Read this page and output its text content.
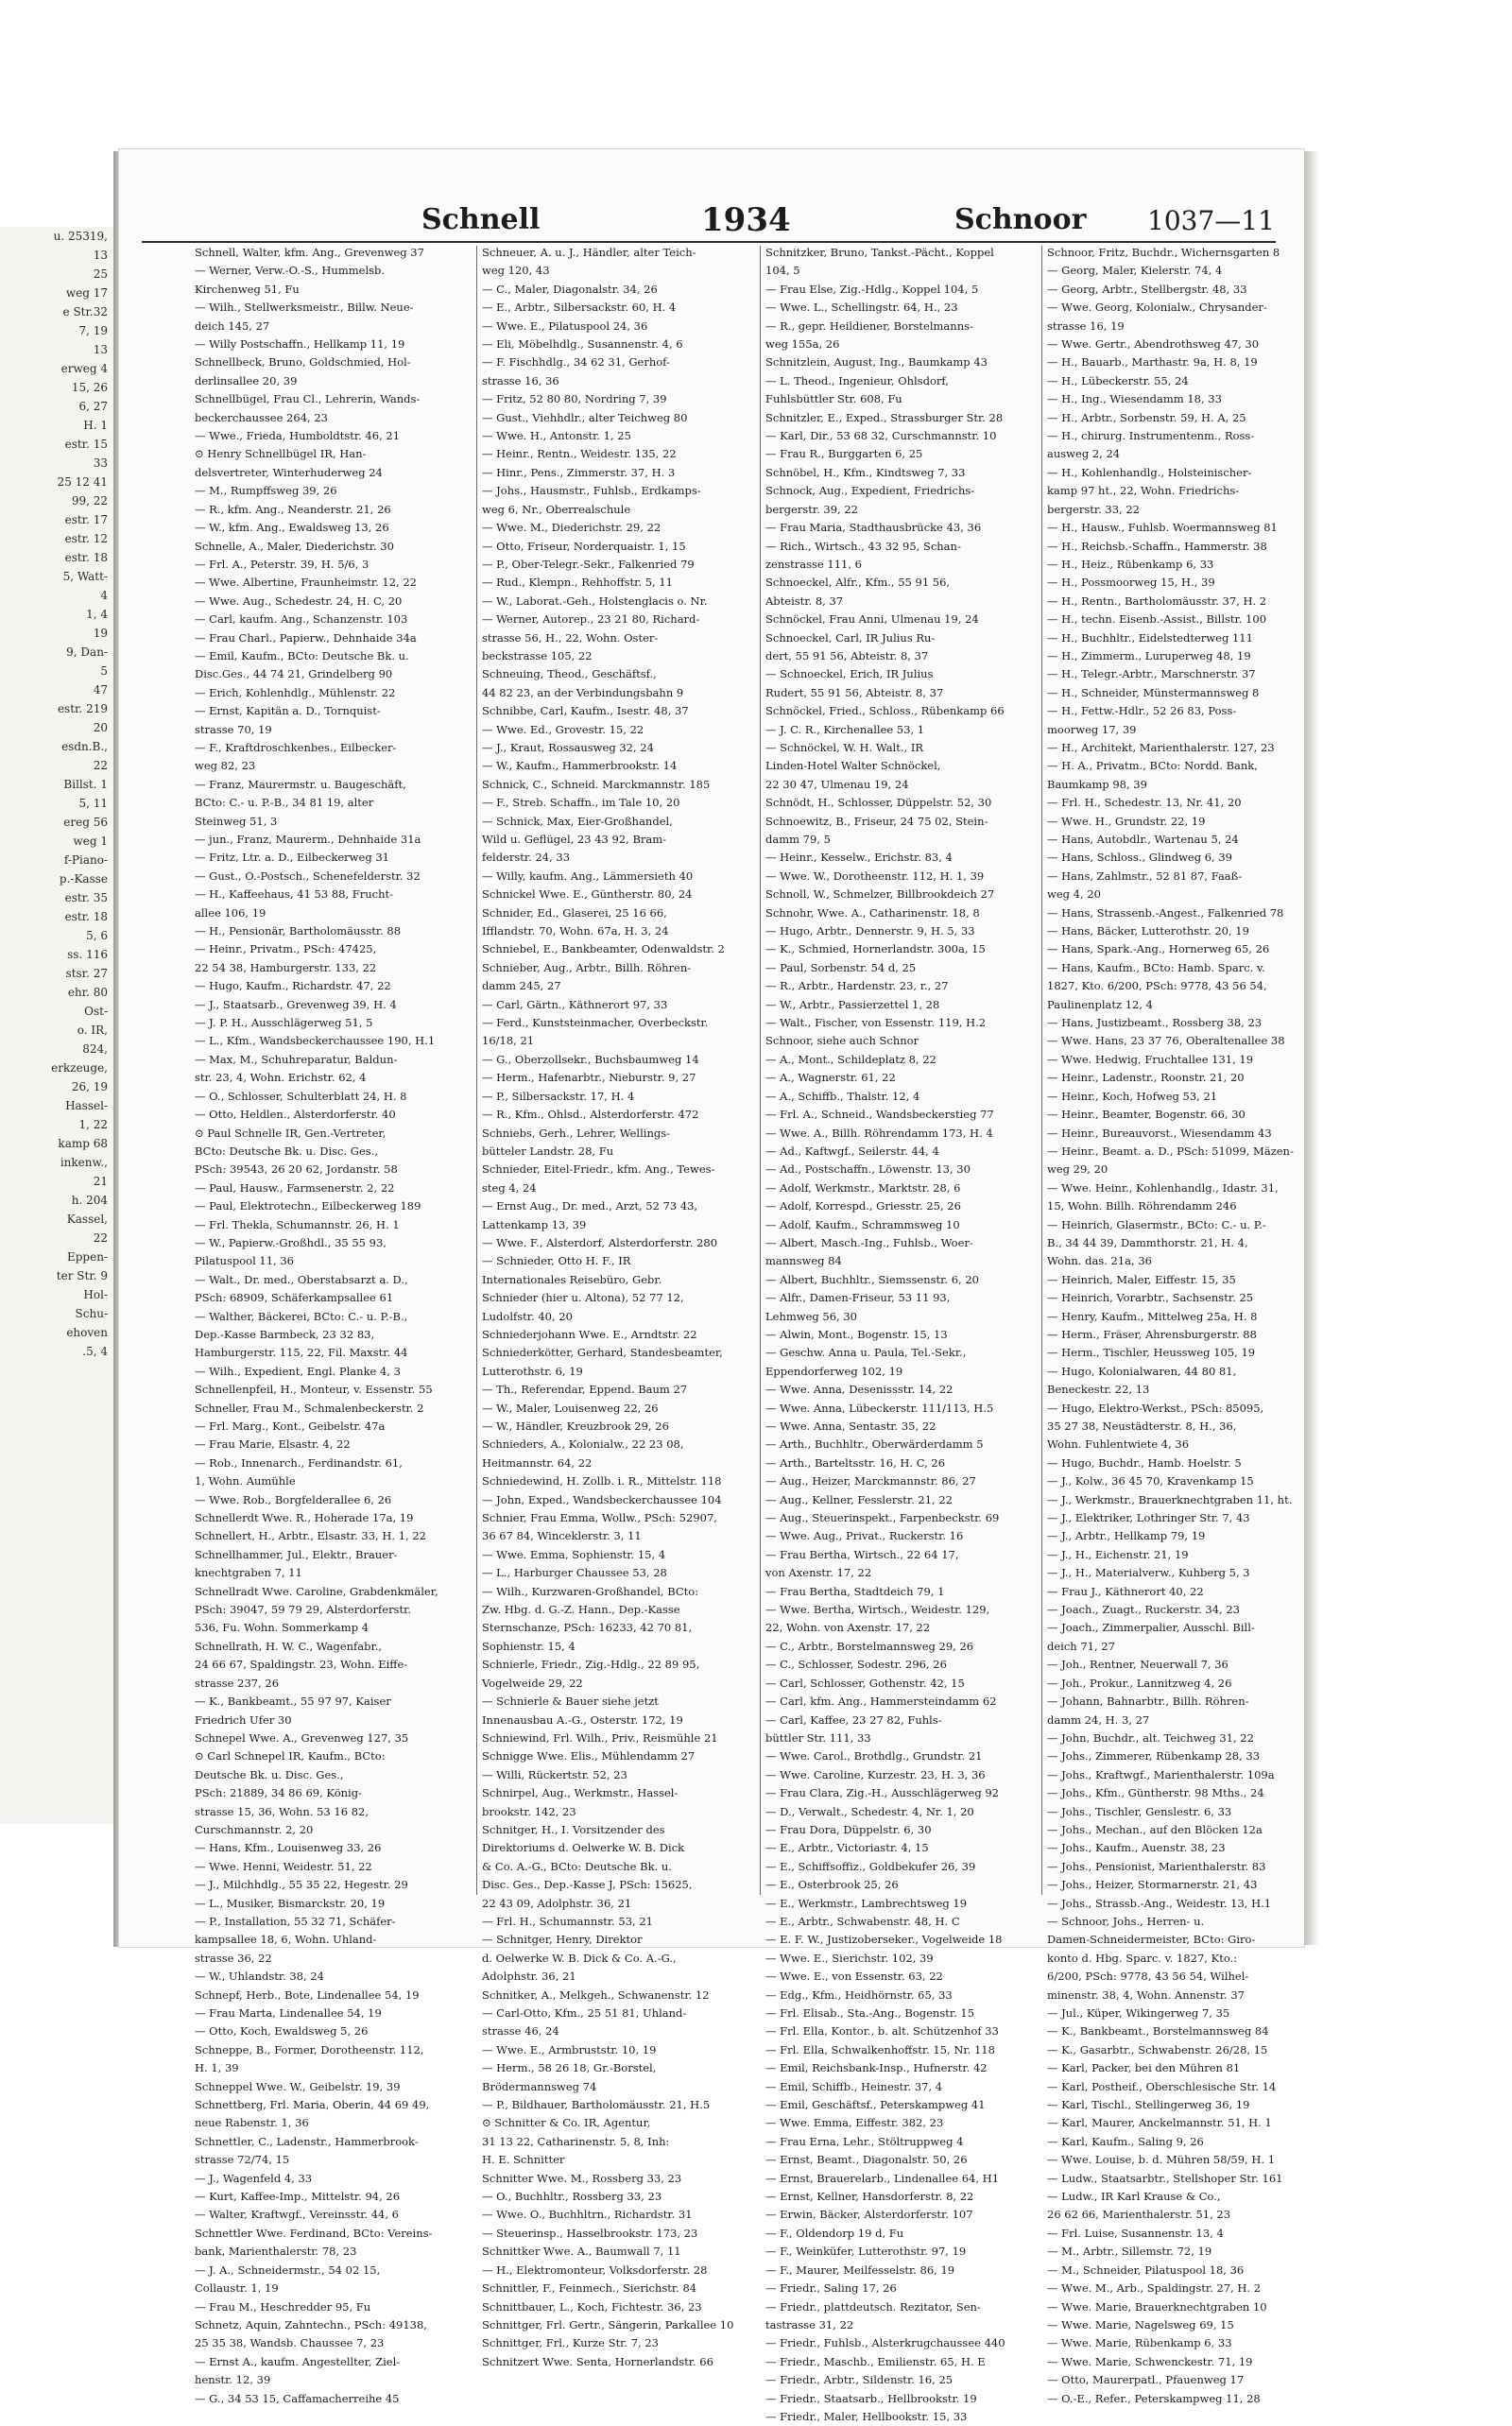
u. 25319,
13
25
weg 17
e Str.32
7, 19
13
erweg 4
15, 26
6, 27
H. 1
estr. 15
33
25 12 41
99, 22
estr. 17
estr. 12
estr. 18
5, Watt-
4
1, 4
19
9, Dan-
5
47
estr. 219
20
esdn.B.,
22
Billst. 1
5, 11
ereg 56
weg 1
f-Piano-
p.-Kasse
estr. 35
estr. 18
5, 6
ss. 116
stsr. 27
ehr. 80
Ost-
o. IR,
824,
erkzeuge,
26, 19
Hassel-
1, 22
kamp 68
inkenw.,
21
h. 204
Kassel,
22
Eppen-
ter Str. 9
Hol-
Schu-
ehoven
.5, 4
Schnell	1934	Schnoor 1037—11
Schnell, Walter, kfm. Ang., Grevenweg 37
— Werner, Verw.-O.-S., Hummelsb.
Kirchenweg 51, Fu
— Wilh., Stellwerksmeistr., Billw. Neue-
deich 145, 27
— Willy Postschaffn., Hellkamp 11, 19
Schnellbeck, Bruno, Goldschmied, Hol-
derlinsallee 20, 39
Schnellbügel, Frau Cl., Lehrerin, Wands-
beckerchaussee 264, 23
— Wwe., Frieda, Humboldtstr. 46, 21
⊙ Henry Schnellbügel IR, Han-
delsvertreter, Winterhuderweg 24
— M., Rumpffsweg 39, 26
— R., kfm. Ang., Neanderstr. 21, 26
— W., kfm. Ang., Ewaldsweg 13, 26
Schnelle, A., Maler, Diederichstr. 30
— Frl. A., Peterstr. 39, H. 5/6, 3
— Wwe. Albertine, Fraunheimstr. 12, 22
— Wwe. Aug., Schedestr. 24, H. C, 20
— Carl, kaufm. Ang., Schanzenstr. 103
— Frau Charl., Papierw., Dehnhaide 34a
— Emil, Kaufm., BCto: Deutsche Bk. u.
Disc.Ges., 44 74 21, Grindelberg 90
— Erich, Kohlenhdlg., Mühlenstr. 22
— Ernst, Kapitän a. D., Tornquist-
strasse 70, 19
— F., Kraftdroschkenbes., Eilbecker-
weg 82, 23
— Franz, Maurermstr. u. Baugeschäft,
BCto: C.- u. P.-B., 34 81 19, alter
Steinweg 51, 3
— jun., Franz, Maurerm., Dehnhaide 31a
— Fritz, Ltr. a. D., Eilbeckerweg 31
— Gust., O.-Postsch., Schenefelderstr. 32
— H., Kaffeehaus, 41 53 88, Frucht-
allee 106, 19
— H., Pensionär, Bartholomäusstr. 88
— Heinr., Privatm., PSch: 47425,
22 54 38, Hamburgerstr. 133, 22
— Hugo, Kaufm., Richardstr. 47, 22
— J., Staatsarb., Grevenweg 39, H. 4
— J. P. H., Ausschlägerweg 51, 5
— L., Kfm., Wandsbeckerchaussee 190, H.1
— Max, M., Schuhreparatur, Baldun-
str. 23, 4, Wohn. Erichstr. 62, 4
— O., Schlosser, Schulterblatt 24, H. 8
— Otto, Heldlen., Alsterdorferstr. 40
⊙ Paul Schnelle IR, Gen.-Vertreter,
BCto: Deutsche Bk. u. Disc. Ges.,
PSch: 39543, 26 20 62, Jordanstr. 58
— Paul, Hausw., Farmsenerstr. 2, 22
— Paul, Elektrotechn., Eilbeckerweg 189
— Frl. Thekla, Schumannstr. 26, H. 1
— W., Papierw.-Großhdl., 35 55 93,
Pilatuspool 11, 36
— Walt., Dr. med., Oberstabsarzt a. D.,
PSch: 68909, Schäferkampsallee 61
— Walther, Bäckerei, BCto: C.- u. P.-B.,
Dep.-Kasse Barmbeck, 23 32 83,
Hamburgerstr. 115, 22, Fil. Maxstr. 44
— Wilh., Expedient, Engl. Planke 4, 3
Schnellenpfeil, H., Monteur, v. Essenstr. 55
Schneller, Frau M., Schmalenbeckerstr. 2
— Frl. Marg., Kont., Geibelstr. 47a
— Frau Marie, Elsastr. 4, 22
— Rob., Innenarch., Ferdinandstr. 61,
1, Wohn. Aumühle
— Wwe. Rob., Borgfelderallee 6, 26
Schnellerdt Wwe. R., Hoherade 17a, 19
Schnellert, H., Arbtr., Elsastr. 33, H. 1, 22
Schnellhammer, Jul., Elektr., Brauer-
knechtgraben 7, 11
Schnellradt Wwe. Caroline, Grabdenkmäler,
PSch: 39047, 59 79 29, Alsterdorferstr.
536, Fu. Wohn. Sommerkamp 4
Schnellrath, H. W. C., Wagenfabr.,
24 66 67, Spaldingstr. 23, Wohn. Eiffe-
strasse 237, 26
— K., Bankbeamt., 55 97 97, Kaiser
Friedrich Ufer 30
Schnepel Wwe. A., Grevenweg 127, 35
⊙ Carl Schnepel IR, Kaufm., BCto:
Deutsche Bk. u. Disc. Ges.,
PSch: 21889, 34 86 69, König-
strasse 15, 36, Wohn. 53 16 82,
Curschmannstr. 2, 20
— Hans, Kfm., Louisenweg 33, 26
— Wwe. Henni, Weidestr. 51, 22
— J., Milchhdlg., 55 35 22, Hegestr. 29
— L., Musiker, Bismarckstr. 20, 19
— P., Installation, 55 32 71, Schäfer-
kampsallee 18, 6, Wohn. Uhland-
strasse 36, 22
— W., Uhlandstr. 38, 24
Schnepf, Herb., Bote, Lindenallee 54, 19
— Frau Marta, Lindenallee 54, 19
— Otto, Koch, Ewaldsweg 5, 26
Schneppe, B., Former, Dorotheenstr. 112,
H. 1, 39
Schneppel Wwe. W., Geibelstr. 19, 39
Schnettberg, Frl. Maria, Oberin, 44 69 49,
neue Rabenstr. 1, 36
Schnettler, C., Ladenstr., Hammerbrook-
strasse 72/74, 15
— J., Wagenfeld 4, 33
— Kurt, Kaffee-Imp., Mittelstr. 94, 26
— Walter, Kraftwgf., Vereinsstr. 44, 6
Schnettler Wwe. Ferdinand, BCto: Vereins-
bank, Marienthalerstr. 78, 23
— J. A., Schneidermstr., 54 02 15,
Collaustr. 1, 19
— Frau M., Heschredder 95, Fu
Schnetz, Aquin, Zahntechn., PSch: 49138,
25 35 38, Wandsb. Chaussee 7, 23
— Ernst A., kaufm. Angestellter, Ziel-
henstr. 12, 39
— G., 34 53 15, Caffamacherreihe 45
Schneuer, A. u. J., Händler, alter Teich-
weg 120, 43
— C., Maler, Diagonalstr. 34, 26
— E., Arbtr., Silbersackstr. 60, H. 4
— Wwe. E., Pilatuspool 24, 36
— Eli, Möbelhdlg., Susannenstr. 4, 6
— F. Fischhdlg., 34 62 31, Gerhof-
strasse 16, 36
— Fritz, 52 80 80, Nordring 7, 39
— Gust., Viehhdlr., alter Teichweg 80
— Wwe. H., Antonstr. 1, 25
— Heinr., Rentn., Weidestr. 135, 22
— Hinr., Pens., Zimmerstr. 37, H. 3
— Johs., Hausmstr., Fuhlsb., Erdkamps-
weg 6, Nr., Oberrealschule
— Wwe. M., Diederichstr. 29, 22
— Otto, Friseur, Norderquaistr. 1, 15
— P., Ober-Telegr.-Sekr., Falkenried 79
— Rud., Klempn., Rehhoffstr. 5, 11
— W., Laborat.-Geh., Holstenglacis o. Nr.
— Werner, Autorep., 23 21 80, Richard-
strasse 56, H., 22, Wohn. Oster-
beckstrasse 105, 22
Schneuing, Theod., Geschäftsf.,
44 82 23, an der Verbindungsbahn 9
Schnibbe, Carl, Kaufm., Isestr. 48, 37
— Wwe. Ed., Grovestr. 15, 22
— J., Kraut, Rossausweg 32, 24
— W., Kaufm., Hammerbrookstr. 14
Schnick, C., Schneid. Marckmannstr. 185
— F., Streb. Schaffn., im Tale 10, 20
— Schnick, Max, Eier-Großhandel,
Wild u. Geflügel, 23 43 92, Bram-
felderstr. 24, 33
— Willy, kaufm. Ang., Lämmersieth 40
Schnickel Wwe. E., Güntherstr. 80, 24
Schnider, Ed., Glaserei, 25 16 66,
Ifflandstr. 70, Wohn. 67a, H. 3, 24
Schniebel, E., Bankbeamter, Odenwaldstr. 2
Schnieber, Aug., Arbtr., Billh. Röhren-
damm 245, 27
— Carl, Gärtn., Käthnerort 97, 33
— Ferd., Kunststeinmacher, Overbeckstr.
16/18, 21
— G., Oberzollsekr., Buchsbaumweg 14
— Herm., Hafenarbtr., Nieburstr. 9, 27
— P., Silbersackstr. 17, H. 4
— R., Kfm., Ohlsd., Alsterdorferstr. 472
Schniebs, Gerh., Lehrer, Wellings-
bütteler Landstr. 28, Fu
Schnieder, Eitel-Friedr., kfm. Ang., Tewes-
steg 4, 24
— Ernst Aug., Dr. med., Arzt, 52 73 43,
Lattenkamp 13, 39
— Wwe. F., Alsterdorf, Alsterdorferstr. 280
— Schnieder, Otto H. F., IR
Internationales Reisebüro, Gebr.
Schnieder (hier u. Altona), 52 77 12,
Ludolfstr. 40, 20
Schniederjohann Wwe. E., Arndtstr. 22
Schniederkötter, Gerhard, Standesbeamter,
Lutterothstr. 6, 19
— Th., Referendar, Eppend. Baum 27
— W., Maler, Louisenweg 22, 26
— W., Händler, Kreuzbrook 29, 26
Schnieders, A., Kolonialw., 22 23 08,
Heitmannstr. 64, 22
Schniedewind, H. Zollb. i. R., Mittelstr. 118
— John, Exped., Wandsbeckerchaussee 104
Schnier, Frau Emma, Wollw., PSch: 52907,
36 67 84, Winceklerstr. 3, 11
— Wwe. Emma, Sophienstr. 15, 4
— L., Harburger Chaussee 53, 28
— Wilh., Kurzwaren-Großhandel, BCto:
Zw. Hbg. d. G.-Z. Hann., Dep.-Kasse
Sternschanze, PSch: 16233, 42 70 81,
Sophienstr. 15, 4
Schnierle, Friedr., Zig.-Hdlg., 22 89 95,
Vogelweide 29, 22
— Schnierle & Bauer siehe jetzt
Innenausbau A.-G., Osterstr. 172, 19
Schniewind, Frl. Wilh., Priv., Reismühle 21
Schnigge Wwe. Elis., Mühlendamm 27
— Willi, Rückertstr. 52, 23
Schnirpel, Aug., Werkmstr., Hassel-
brookstr. 142, 23
Schnitger, H., I. Vorsitzender des
Direktoriums d. Oelwerke W. B. Dick
& Co. A.-G., BCto: Deutsche Bk. u.
Disc. Ges., Dep.-Kasse J, PSch: 15625,
22 43 09, Adolphstr. 36, 21
— Frl. H., Schumannstr. 53, 21
— Schnitger, Henry, Direktor
d. Oelwerke W. B. Dick & Co. A.-G.,
Adolphstr. 36, 21
Schnitker, A., Melkgeh., Schwanenstr. 12
— Carl-Otto, Kfm., 25 51 81, Uhland-
strasse 46, 24
— Wwe. E., Armbruststr. 10, 19
— Herm., 58 26 18, Gr.-Borstel,
Brödermannsweg 74
— P., Bildhauer, Bartholomäusstr. 21, H.5
⊙ Schnitter & Co. IR, Agentur,
31 13 22, Catharinenstr. 5, 8, Inh:
H. E. Schnitter
Schnitter Wwe. M., Rossberg 33, 23
— O., Buchhltr., Rossberg 33, 23
— Wwe. O., Buchhltrn., Richardstr. 31
— Steuerinsp., Hasselbrookstr. 173, 23
Schnittker Wwe. A., Baumwall 7, 11
— H., Elektromonteur, Volksdorferstr. 28
Schnittler, F., Feinmech., Sierichstr. 84
Schnittbauer, L., Koch, Fichtestr. 36, 23
Schnittger, Frl. Gertr., Sängerin, Parkallee 10
Schnittger, Frl., Kurze Str. 7, 23
Schnitzert Wwe. Senta, Hornerlandstr. 66
Schnitzker, Bruno, Tankst.-Pächt., Koppel
104, 5
— Frau Else, Zig.-Hdlg., Koppel 104, 5
— Wwe. L., Schellingstr. 64, H., 23
— R., gepr. Heildiener, Borstelmanns-
weg 155a, 26
Schnitzlein, August, Ing., Baumkamp 43
— L. Theod., Ingenieur, Ohlsdorf,
Fuhlsbüttler Str. 608, Fu
Schnitzler, E., Exped., Strassburger Str. 28
— Karl, Dir., 53 68 32, Curschmannstr. 10
— Frau R., Burggarten 6, 25
Schnöbel, H., Kfm., Kindtsweg 7, 33
Schnock, Aug., Expedient, Friedrichs-
bergerstr. 39, 22
— Frau Maria, Stadthausbrücke 43, 36
— Rich., Wirtsch., 43 32 95, Schan-
zenstrasse 111, 6
Schnoeckel, Alfr., Kfm., 55 91 56,
Abteistr. 8, 37
Schnöckel, Frau Anni, Ulmenau 19, 24
Schnoeckel, Carl, IR Julius Ru-
dert, 55 91 56, Abteistr. 8, 37
— Schnoeckel, Erich, IR Julius
Rudert, 55 91 56, Abteistr. 8, 37
Schnöckel, Fried., Schloss., Rübenkamp 66
— J. C. R., Kirchenallee 53, 1
— Schnöckel, W. H. Walt., IR
Linden-Hotel Walter Schnöckel,
22 30 47, Ulmenau 19, 24
Schnödt, H., Schlosser, Düppelstr. 52, 30
Schnoewitz, B., Friseur, 24 75 02, Stein-
damm 79, 5
— Heinr., Kesselw., Erichstr. 83, 4
— Wwe. W., Dorotheenstr. 112, H. 1, 39
Schnoll, W., Schmelzer, Billbrookdeich 27
Schnohr, Wwe. A., Catharinenstr. 18, 8
— Hugo, Arbtr., Dennerstr. 9, H. 5, 33
— K., Schmied, Hornerlandstr. 300a, 15
— Paul, Sorbenstr. 54 d, 25
— R., Arbtr., Hardenstr. 23, r., 27
— W., Arbtr., Passierzettel 1, 28
— Walt., Fischer, von Essenstr. 119, H.2
Schnoor, siehe auch Schnor
— A., Mont., Schildeplatz 8, 22
— A., Wagnerstr. 61, 22
— A., Schiffb., Thalstr. 12, 4
— Frl. A., Schneid., Wandsbeckerstieg 77
— Wwe. A., Billh. Röhrendamm 173, H. 4
— Ad., Kaftwgf., Seilerstr. 44, 4
— Ad., Postschaffn., Löwenstr. 13, 30
— Adolf, Werkmstr., Marktstr. 28, 6
— Adolf, Korrespd., Griesstr. 25, 26
— Adolf, Kaufm., Schrammsweg 10
— Albert, Masch.-Ing., Fuhlsb., Woer-
mannsweg 84
— Albert, Buchhltr., Siemssenstr. 6, 20
— Alfr., Damen-Friseur, 53 11 93,
Lehmweg 56, 30
— Alwin, Mont., Bogenstr. 15, 13
— Geschw. Anna u. Paula, Tel.-Sekr.,
Eppendorferweg 102, 19
— Wwe. Anna, Desenissstr. 14, 22
— Wwe. Anna, Lübeckerstr. 111/113, H.5
— Wwe. Anna, Sentastr. 35, 22
— Arth., Buchhltr., Oberwärderdamm 5
— Arth., Barteltsstr. 16, H. C, 26
— Aug., Heizer, Marckmannstr. 86, 27
— Aug., Kellner, Fesslerstr. 21, 22
— Aug., Steuerinspekt., Farpenbeckstr. 69
— Wwe. Aug., Privat., Ruckerstr. 16
— Frau Bertha, Wirtsch., 22 64 17,
von Axenstr. 17, 22
— Frau Bertha, Stadtdeich 79, 1
— Wwe. Bertha, Wirtsch., Weidestr. 129,
22, Wohn. von Axenstr. 17, 22
— C., Arbtr., Borstelmannsweg 29, 26
— C., Schlosser, Sodestr. 296, 26
— Carl, Schlosser, Gothenstr. 42, 15
— Carl, kfm. Ang., Hammersteindamm 62
— Carl, Kaffee, 23 27 82, Fuhls-
büttler Str. 111, 33
— Wwe. Carol., Brothdlg., Grundstr. 21
— Wwe. Caroline, Kurzestr. 23, H. 3, 36
— Frau Clara, Zig.-H., Ausschlägerweg 92
— D., Verwalt., Schedestr. 4, Nr. 1, 20
— Frau Dora, Düppelstr. 6, 30
— E., Arbtr., Victoriastr. 4, 15
— E., Schiffsoffiz., Goldbekufer 26, 39
— E., Osterbrook 25, 26
— E., Werkmstr., Lambrechtsweg 19
— E., Arbtr., Schwabenstr. 48, H. C
— E. F. W., Justizoberseker., Vogelweide 18
— Wwe. E., Sierichstr. 102, 39
— Wwe. E., von Essenstr. 63, 22
— Edg., Kfm., Heidhörnstr. 65, 33
— Frl. Elisab., Sta.-Ang., Bogenstr. 15
— Frl. Ella, Kontor., b. alt. Schützenhof 33
— Frl. Ella, Schwalkenhoffstr. 15, Nr. 118
— Emil, Reichsbank-Insp., Hufnerstr. 42
— Emil, Schiffb., Heinestr. 37, 4
— Emil, Geschäftsf., Peterskampweg 41
— Wwe. Emma, Eiffestr. 382, 23
— Frau Erna, Lehr., Stöltruppweg 4
— Ernst, Beamt., Diagonalstr. 50, 26
— Ernst, Brauerelarb., Lindenallee 64, H1
— Ernst, Kellner, Hansdorferstr. 8, 22
— Erwin, Bäcker, Alsterdorferstr. 107
— F., Oldendorp 19 d, Fu
— F., Weinküfer, Lutterothstr. 97, 19
— F., Maurer, Meilfesselstr. 86, 19
— Friedr., Saling 17, 26
— Friedr., plattdeutsch. Rezitator, Sen-
tastrasse 31, 22
— Friedr., Fuhlsb., Alsterkrugchaussee 440
— Friedr., Maschb., Emilienstr. 65, H. E
— Friedr., Arbtr., Sildenstr. 16, 25
— Friedr., Staatsarb., Hellbrookstr. 19
— Friedr., Maler, Hellbookstr. 15, 33
Schnoor, Fritz, Buchdr., Wichernsgarten 8
— Georg, Maler, Kielerstr. 74, 4
— Georg, Arbtr., Stellbergstr. 48, 33
— Wwe. Georg, Kolonialw., Chrysander-
strasse 16, 19
— Wwe. Gertr., Abendrothsweg 47, 30
— H., Bauarb., Marthastr. 9a, H. 8, 19
— H., Lübeckerstr. 55, 24
— H., Ing., Wiesendamm 18, 33
— H., Arbtr., Sorbenstr. 59, H. A, 25
— H., chirurg. Instrumentenm., Ross-
ausweg 2, 24
— H., Kohlenhandlg., Holsteinischer-
kamp 97 ht., 22, Wohn. Friedrichs-
bergerstr. 33, 22
— H., Hausw., Fuhlsb. Woermannsweg 81
— H., Reichsb.-Schaffn., Hammerstr. 38
— H., Heiz., Rübenkamp 6, 33
— H., Possmoorweg 15, H., 39
— H., Rentn., Bartholomäusstr. 37, H. 2
— H., techn. Eisenb.-Assist., Billstr. 100
— H., Buchhltr., Eidelstedterweg 111
— H., Zimmerm., Luruperweg 48, 19
— H., Telegr.-Arbtr., Marschnerstr. 37
— H., Schneider, Münstermannsweg 8
— H., Fettw.-Hdlr., 52 26 83, Poss-
moorweg 17, 39
— H., Architekt, Marienthalerstr. 127, 23
— H. A., Privatm., BCto: Nordd. Bank,
Baumkamp 98, 39
— Frl. H., Schedestr. 13, Nr. 41, 20
— Wwe. H., Grundstr. 22, 19
— Hans, Autobdlr., Wartenau 5, 24
— Hans, Schloss., Glindweg 6, 39
— Hans, Zahlmstr., 52 81 87, Faaß-
weg 4, 20
— Hans, Strassenb.-Angest., Falkenried 78
— Hans, Bäcker, Lutterothstr. 20, 19
— Hans, Spark.-Ang., Hornerweg 65, 26
— Hans, Kaufm., BCto: Hamb. Sparc. v.
1827, Kto. 6/200, PSch: 9778, 43 56 54,
Paulinenplatz 12, 4
— Hans, Justizbeamt., Rossberg 38, 23
— Wwe. Hans, 23 37 76, Oberaltenallee 38
— Wwe. Hedwig, Fruchtallee 131, 19
— Heinr., Ladenstr., Roonstr. 21, 20
— Heinr., Koch, Hofweg 53, 21
— Heinr., Beamter, Bogenstr. 66, 30
— Heinr., Bureauvorst., Wiesendamm 43
— Heinr., Beamt. a. D., PSch: 51099, Mäzen-
weg 29, 20
— Wwe. Heinr., Kohlenhandlg., Idastr. 31,
15, Wohn. Billh. Röhrendamm 246
— Heinrich, Glasermstr., BCto: C.- u. P.-
B., 34 44 39, Dammthorstr. 21, H. 4,
Wohn. das. 21a, 36
— Heinrich, Maler, Eiffestr. 15, 35
— Heinrich, Vorarbtr., Sachsenstr. 25
— Henry, Kaufm., Mittelweg 25a, H. 8
— Herm., Fräser, Ahrensburgerstr. 88
— Herm., Tischler, Heussweg 105, 19
— Hugo, Kolonialwaren, 44 80 81,
Beneckestr. 22, 13
— Hugo, Elektro-Werkst., PSch: 85095,
35 27 38, Neustädterstr. 8, H., 36,
Wohn. Fuhlentwiete 4, 36
— Hugo, Buchdr., Hamb. Hoelstr. 5
— J., Kolw., 36 45 70, Kravenkamp 15
— J., Werkmstr., Brauerknechtgraben 11, ht.
— J., Elektriker, Lothringer Str. 7, 43
— J., Arbtr., Hellkamp 79, 19
— J., H., Eichenstr. 21, 19
— J., H., Materialverw., Kuhberg 5, 3
— Frau J., Käthnerort 40, 22
— Joach., Zuagt., Ruckerstr. 34, 23
— Joach., Zimmerpalier, Ausschl. Bill-
deich 71, 27
— Joh., Rentner, Neuerwall 7, 36
— Joh., Prokur., Lannitzweg 4, 26
— Johann, Bahnarbtr., Billh. Röhren-
damm 24, H. 3, 27
— John, Buchdr., alt. Teichweg 31, 22
— Johs., Zimmerer, Rübenkamp 28, 33
— Johs., Kraftwgf., Marienthalerstr. 109a
— Johs., Kfm., Güntherstr. 98 Mths., 24
— Johs., Tischler, Genslestr. 6, 33
— Johs., Mechan., auf den Blöcken 12a
— Johs., Kaufm., Auenstr. 38, 23
— Johs., Pensionist, Marienthalerstr. 83
— Johs., Heizer, Stormarnerstr. 21, 43
— Johs., Strassb.-Ang., Weidestr. 13, H.1
— Schnoor, Johs., Herren- u.
Damen-Schneidermeister, BCto: Giro-
konto d. Hbg. Sparc. v. 1827, Kto.:
6/200, PSch: 9778, 43 56 54, Wilhel-
minenstr. 38, 4, Wohn. Annenstr. 37
— Jul., Küper, Wikingerweg 7, 35
— K., Bankbeamt., Borstelmannsweg 84
— K., Gasarbtr., Schwabenstr. 26/28, 15
— Karl, Packer, bei den Mühren 81
— Karl, Postheif., Oberschlesische Str. 14
— Karl, Tischl., Stellingerweg 36, 19
— Karl, Maurer, Anckelmannstr. 51, H. 1
— Karl, Kaufm., Saling 9, 26
— Wwe. Louise, b. d. Mühren 58/59, H. 1
— Ludw., Staatsarbtr., Stellshoper Str. 161
— Ludw., IR Karl Krause & Co.,
26 62 66, Marienthalerstr. 51, 23
— Frl. Luise, Susannenstr. 13, 4
— M., Arbtr., Sillemstr. 72, 19
— M., Schneider, Pilatuspool 18, 36
— Wwe. M., Arb., Spaldingstr. 27, H. 2
— Wwe. Marie, Brauerknechtgraben 10
— Wwe. Marie, Nagelsweg 69, 15
— Wwe. Marie, Rübenkamp 6, 33
— Wwe. Marie, Schwenckestr. 71, 19
— Otto, Maurerpatl., Pfauenweg 17
— O.-E., Refer., Peterskampweg 11, 28
